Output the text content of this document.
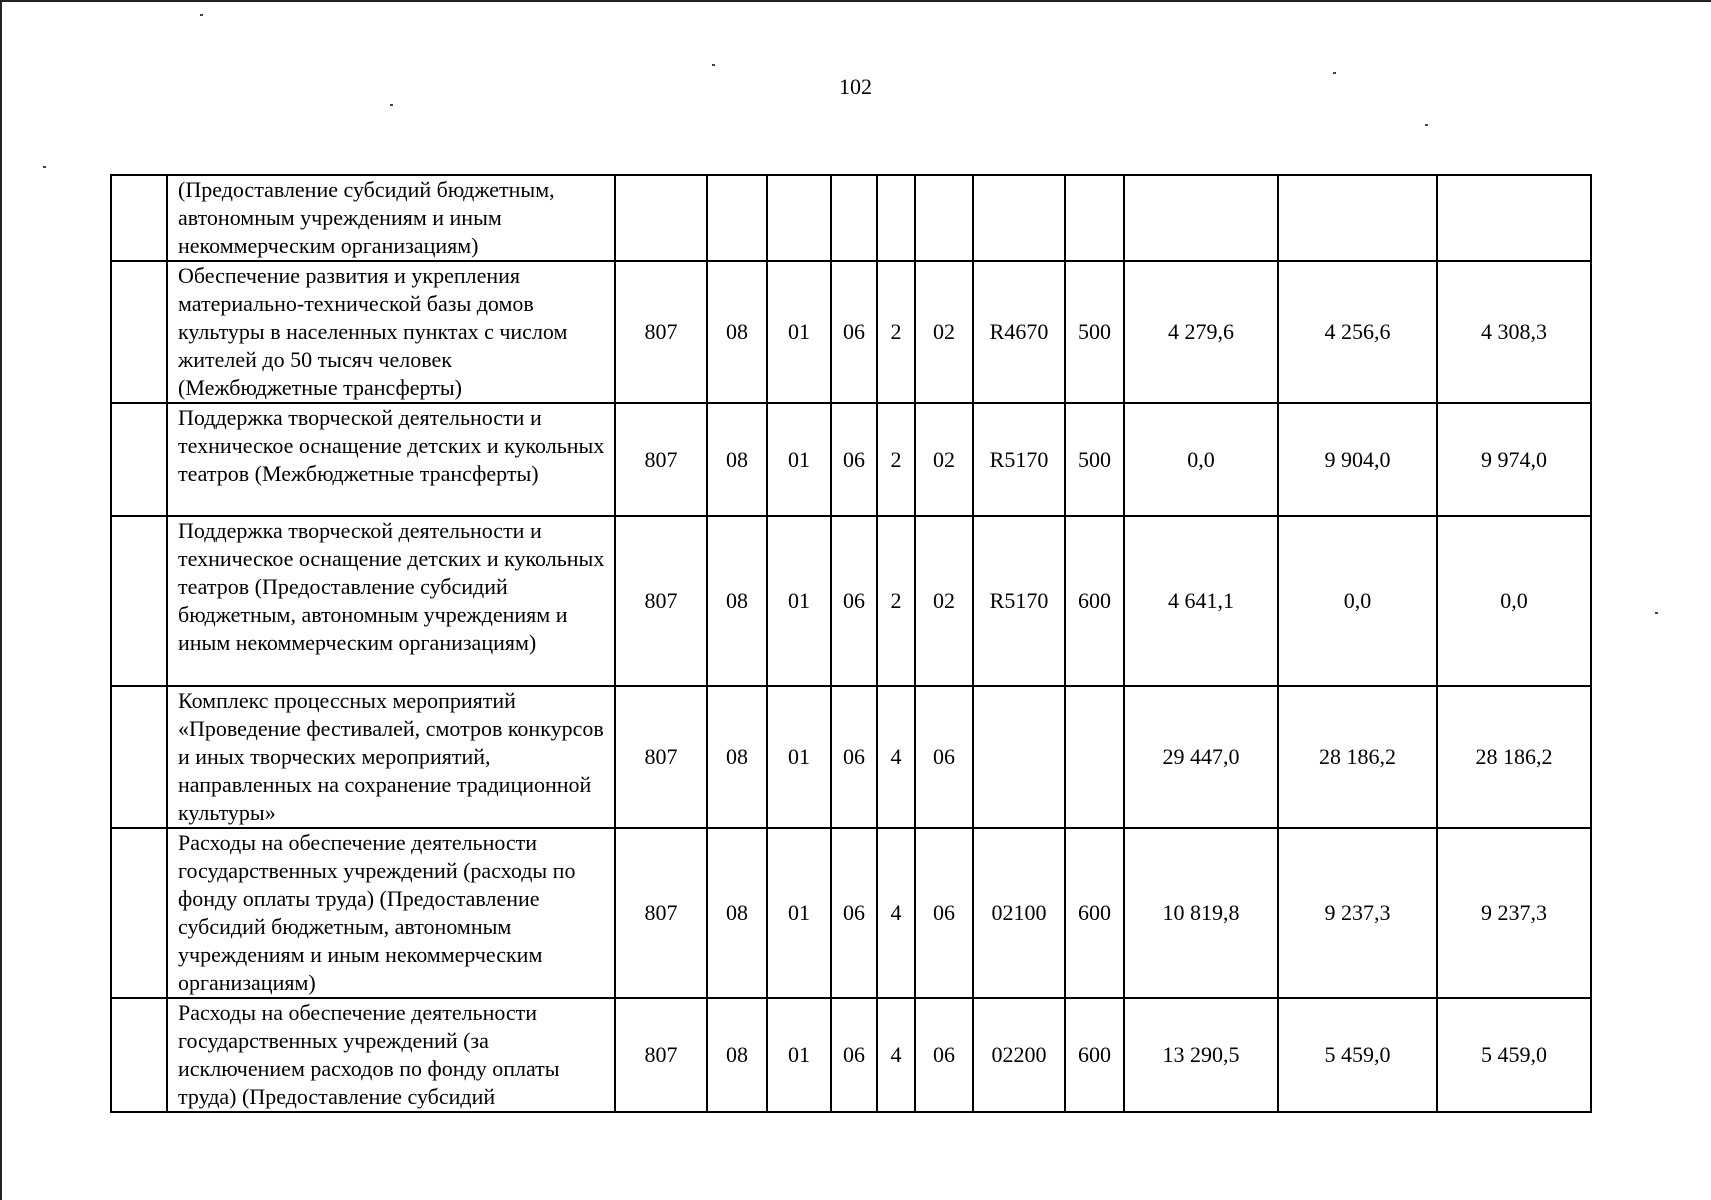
102
	(Предоставление субсидий бюджетным, автономным учреждениям и иным некоммерческим организациям)											
	Обеспечение развития и укрепления материально-технической базы домов культуры в населенных пунктах с числом жителей до 50 тысяч человек (Межбюджетные трансферты)	807	08	01	06	2	02	R4670	500	4 279,6	4 256,6	4 308,3
	Поддержка творческой деятельности и техническое оснащение детских и кукольных театров (Межбюджетные трансферты)	807	08	01	06	2	02	R5170	500	0,0	9 904,0	9 974,0
	Поддержка творческой деятельности и техническое оснащение детских и кукольных театров (Предоставление субсидий бюджетным, автономным учреждениям и иным некоммерческим организациям)	807	08	01	06	2	02	R5170	600	4 641,1	0,0	0,0
	Комплекс процессных мероприятий «Проведение фестивалей, смотров конкурсов и иных творческих мероприятий, направленных на сохранение традиционной культуры»	807	08	01	06	4	06			29 447,0	28 186,2	28 186,2
	Расходы на обеспечение деятельности государственных учреждений (расходы по фонду оплаты труда) (Предоставление субсидий бюджетным, автономным учреждениям и иным некоммерческим организациям)	807	08	01	06	4	06	02100	600	10 819,8	9 237,3	9 237,3
	Расходы на обеспечение деятельности государственных учреждений (за исключением расходов по фонду оплаты труда) (Предоставление субсидий	807	08	01	06	4	06	02200	600	13 290,5	5 459,0	5 459,0
